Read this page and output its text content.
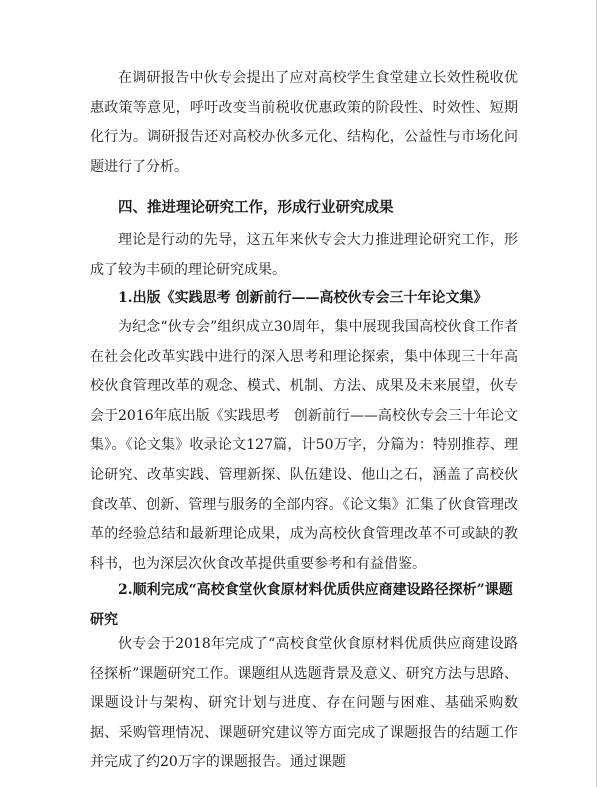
在调研报告中伙专会提出了应对高校学生食堂建立长效性税收优惠政策等意见，呼吁改变当前税收优惠政策的阶段性、时效性、短期化行为。调研报告还对高校办伙多元化、结构化，公益性与市场化问题进行了分析。

四、推进理论研究工作，形成行业研究成果

理论是行动的先导，这五年来伙专会大力推进理论研究工作，形成了较为丰硕的理论研究成果。

1.出版《实践思考 创新前行——高校伙专会三十年论文集》

为纪念“伙专会”组织成立30周年，集中展现我国高校伙食工作者在社会化改革实践中进行的深入思考和理论探索，集中体现三十年高校伙食管理改革的观念、模式、机制、方法、成果及未来展望，伙专会于2016年底出版《实践思考　创新前行——高校伙专会三十年论文集》。《论文集》收录论文127篇，计50万字，分篇为：特别推荐、理论研究、改革实践、管理新探、队伍建设、他山之石，涵盖了高校伙食改革、创新、管理与服务的全部内容。《论文集》汇集了伙食管理改革的经验总结和最新理论成果，成为高校伙食管理改革不可或缺的教科书，也为深层次伙食改革提供重要参考和有益借鉴。

2.顺利完成“高校食堂伙食原材料优质供应商建设路径探析”课题研究

伙专会于2018年完成了“高校食堂伙食原材料优质供应商建设路径探析”课题研究工作。课题组从选题背景及意义、研究方法与思路、课题设计与架构、研究计划与进度、存在问题与困难、基础采购数据、采购管理情况、课题研究建议等方面完成了课题报告的结题工作并完成了约20万字的课题报告。通过课题
